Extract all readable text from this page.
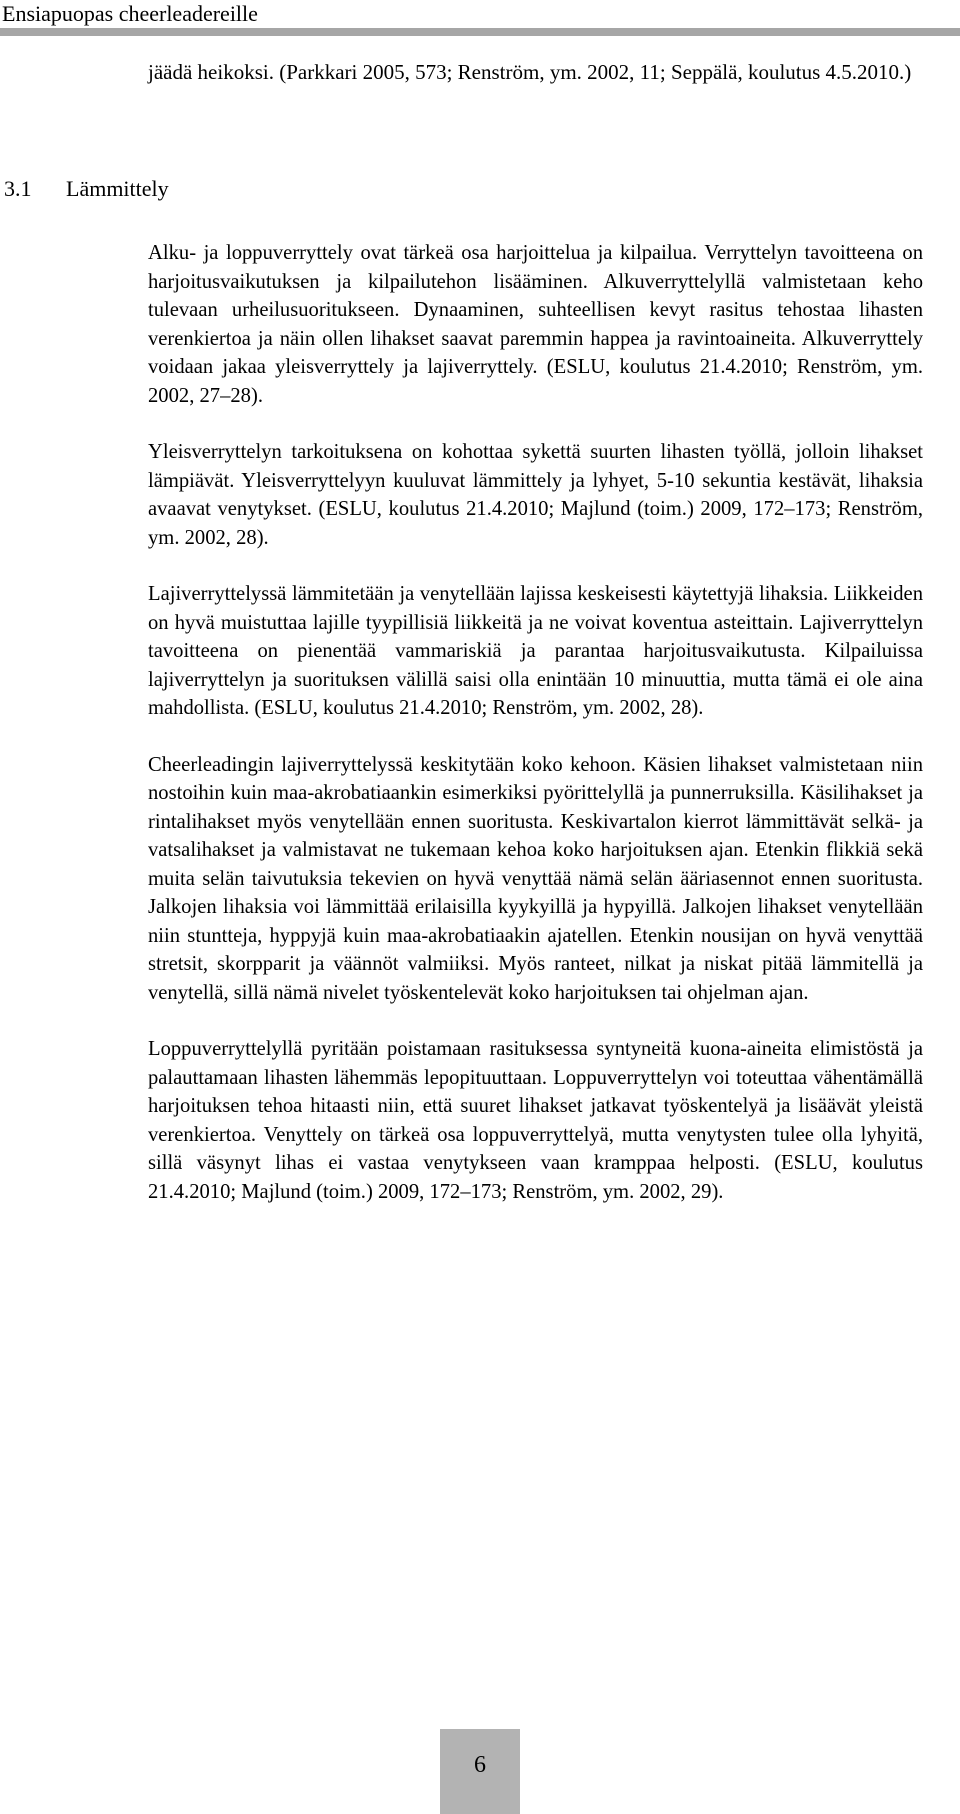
Ensiapuopas cheerleadereille
jäädä heikoksi. (Parkkari 2005, 573; Renström, ym. 2002, 11; Seppälä, koulutus 4.5.2010.)
3.1 Lämmittely

Alku- ja loppuverryttely ovat tärkeä osa harjoittelua ja kilpailua. Verryttelyn tavoitteena on harjoitusvaikutuksen ja kilpailutehon lisääminen. Alkuverryttelyllä valmistetaan keho tulevaan urheilusuoritukseen. Dynaaminen, suhteellisen kevyt rasitus tehostaa lihasten verenkiertoa ja näin ollen lihakset saavat paremmin happea ja ravintoaineita. Alkuverryttely voidaan jakaa yleisverryttely ja lajiverryttely. (ESLU, koulutus 21.4.2010; Renström, ym. 2002, 27–28).

Yleisverryttelyn tarkoituksena on kohottaa sykettä suurten lihasten työllä, jolloin lihakset lämpiävät. Yleisverryttelyyn kuuluvat lämmittely ja lyhyet, 5-10 sekuntia kestävät, lihaksia avaavat venytykset. (ESLU, koulutus 21.4.2010; Majlund (toim.) 2009, 172–173; Renström, ym. 2002, 28).

Lajiverryttelyssä lämmitetään ja venytellään lajissa keskeisesti käytettyjä lihaksia. Liikkeiden on hyvä muistuttaa lajille tyypillisiä liikkeitä ja ne voivat koventua asteittain. Lajiverryttelyn tavoitteena on pienentää vammariskiä ja parantaa harjoitusvaikutusta. Kilpailuissa lajiverryttelyn ja suorituksen välillä saisi olla enintään 10 minuuttia, mutta tämä ei ole aina mahdollista. (ESLU, koulutus 21.4.2010; Renström, ym. 2002, 28).

Cheerleadingin lajiverryttelyssä keskitytään koko kehoon. Käsien lihakset valmistetaan niin nostoihin kuin maa-akrobatiaankin esimerkiksi pyörittelyllä ja punnerruksilla. Käsilihakset ja rintalihakset myös venytellään ennen suoritusta. Keskivartalon kierrot lämmittävät selkä- ja vatsalihakset ja valmistavat ne tukemaan kehoa koko harjoituksen ajan. Etenkin flikkiä sekä muita selän taivutuksia tekevien on hyvä venyttää nämä selän ääriasennot ennen suoritusta. Jalkojen lihaksia voi lämmittää erilaisilla kyykyillä ja hypyillä. Jalkojen lihakset venytellään niin stuntteja, hyppyjä kuin maa-akrobatiaakin ajatellen. Etenkin nousijan on hyvä venyttää stretsit, skorpparit ja väännöt valmiiksi. Myös ranteet, nilkat ja niskat pitää lämmitellä ja venytellä, sillä nämä nivelet työskentelevät koko harjoituksen tai ohjelman ajan.

Loppuverryttelyllä pyritään poistamaan rasituksessa syntyneitä kuona-aineita elimistöstä ja palauttamaan lihasten lähemmäs lepopituuttaan. Loppuverryttelyn voi toteuttaa vähentämällä harjoituksen tehoa hitaasti niin, että suuret lihakset jatkavat työskentelyä ja lisäävät yleistä verenkiertoa. Venyttely on tärkeä osa loppuverryttelyä, mutta venytysten tulee olla lyhyitä, sillä väsynyt lihas ei vastaa venytykseen vaan kramppaa helposti. (ESLU, koulutus 21.4.2010; Majlund (toim.) 2009, 172–173; Renström, ym. 2002, 29).

6
